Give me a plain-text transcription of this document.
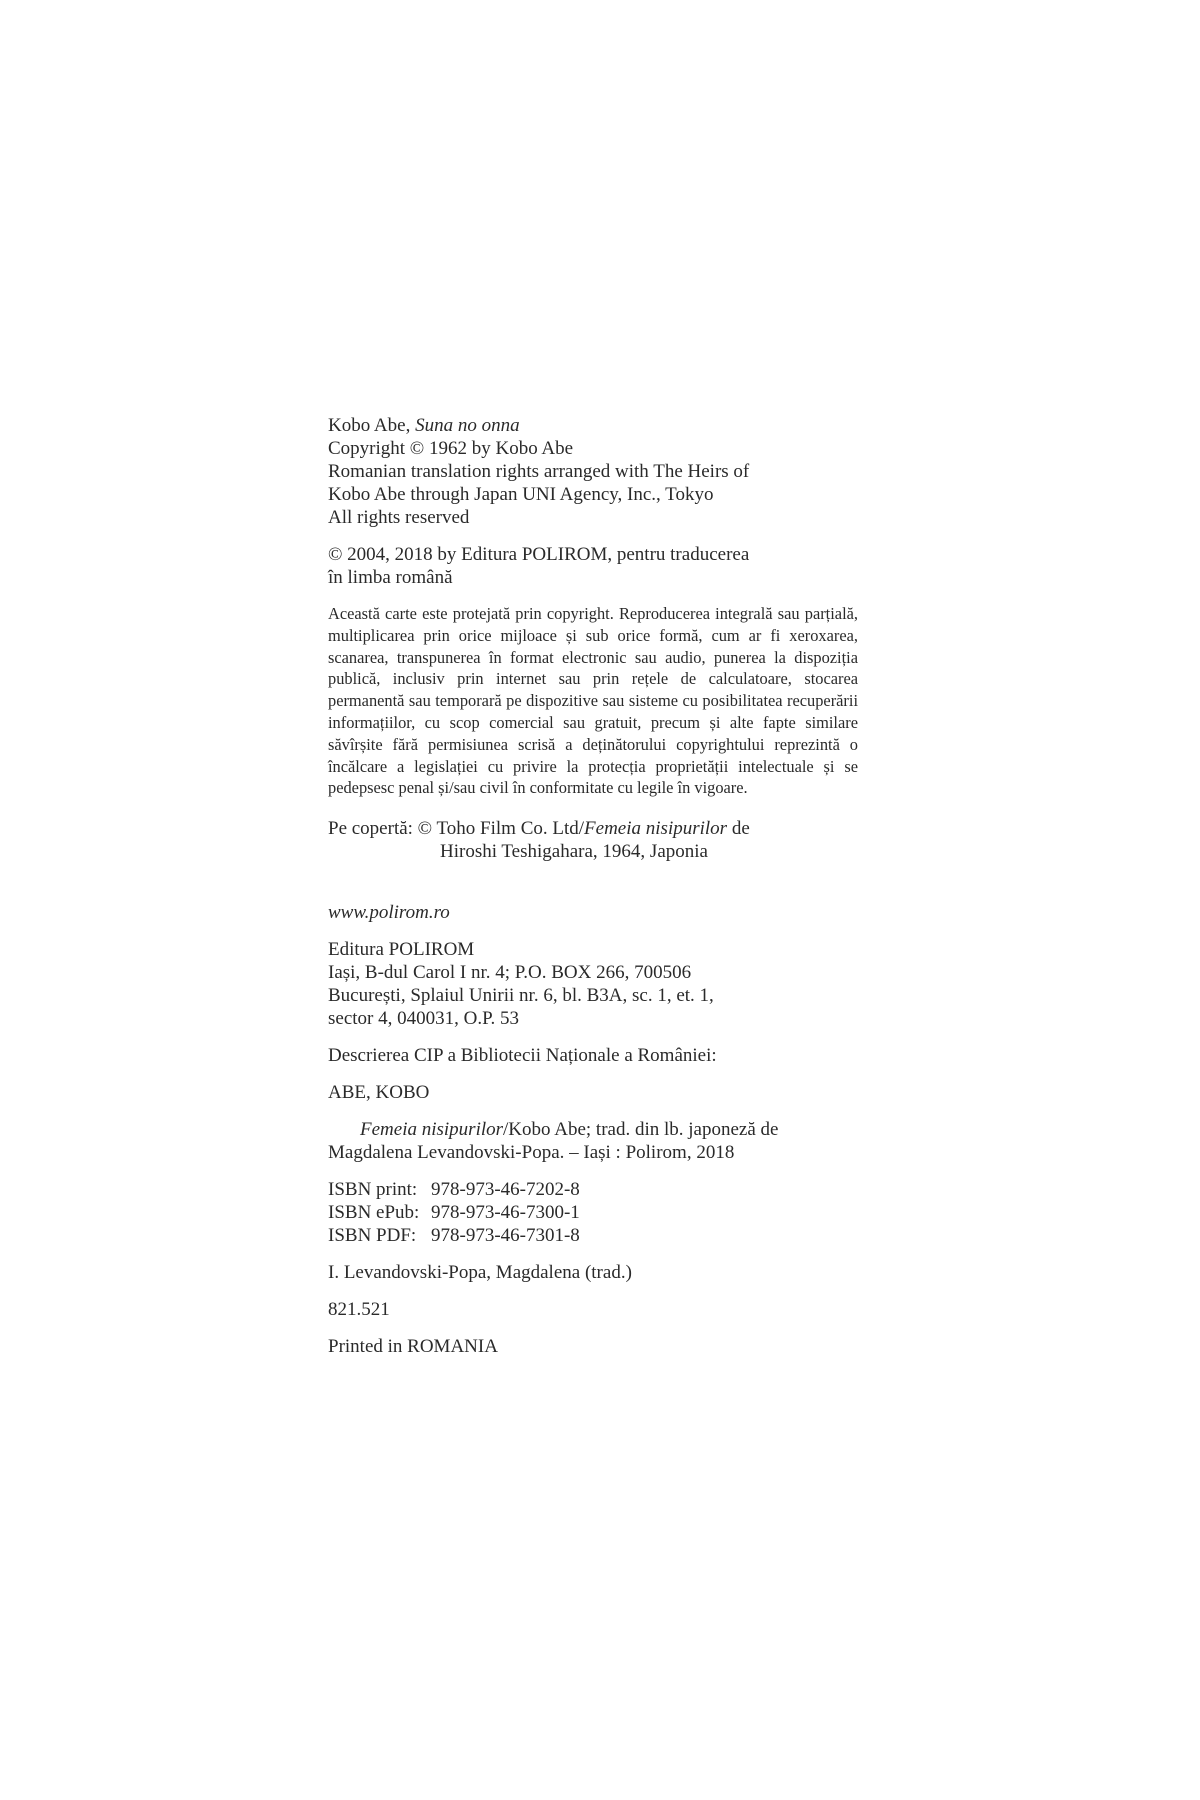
Kobo Abe, Suna no onna
Copyright © 1962 by Kobo Abe
Romanian translation rights arranged with The Heirs of
Kobo Abe through Japan UNI Agency, Inc., Tokyo
All rights reserved
© 2004, 2018 by Editura POLIROM, pentru traducerea
în limba română

Această carte este protejată prin copyright. Reproducerea integrală sau parțială, multiplicarea prin orice mijloace și sub orice formă, cum ar fi xeroxarea, scanarea, transpunerea în format electronic sau audio, punerea la dispoziția publică, inclusiv prin internet sau prin rețele de calculatoare, stocarea permanentă sau temporară pe dispozitive sau sisteme cu posibilitatea recuperării informațiilor, cu scop comercial sau gratuit, precum și alte fapte similare săvîrșite fără permisiunea scrisă a deținătorului copyrightului reprezintă o încălcare a legislației cu privire la protecția proprietății intelectuale și se pedepsesc penal și/sau civil în conformitate cu legile în vigoare.

Pe copertă: © Toho Film Co. Ltd/Femeia nisipurilor de
Hiroshi Teshigahara, 1964, Japonia
www.polirom.ro
Editura POLIROM
Iași, B-dul Carol I nr. 4; P.O. BOX 266, 700506
București, Splaiul Unirii nr. 6, bl. B3A, sc. 1, et. 1,
sector 4, 040031, O.P. 53
Descrierea CIP a Bibliotecii Naționale a României:
ABE, KOBO
Femeia nisipurilor/Kobo Abe; trad. din lb. japoneză de
Magdalena Levandovski-Popa. – Iași : Polirom, 2018
ISBN print: 978-973-46-7202-8
ISBN ePub: 978-973-46-7300-1
ISBN PDF: 978-973-46-7301-8
I. Levandovski-Popa, Magdalena (trad.)
821.521
Printed in ROMANIA
